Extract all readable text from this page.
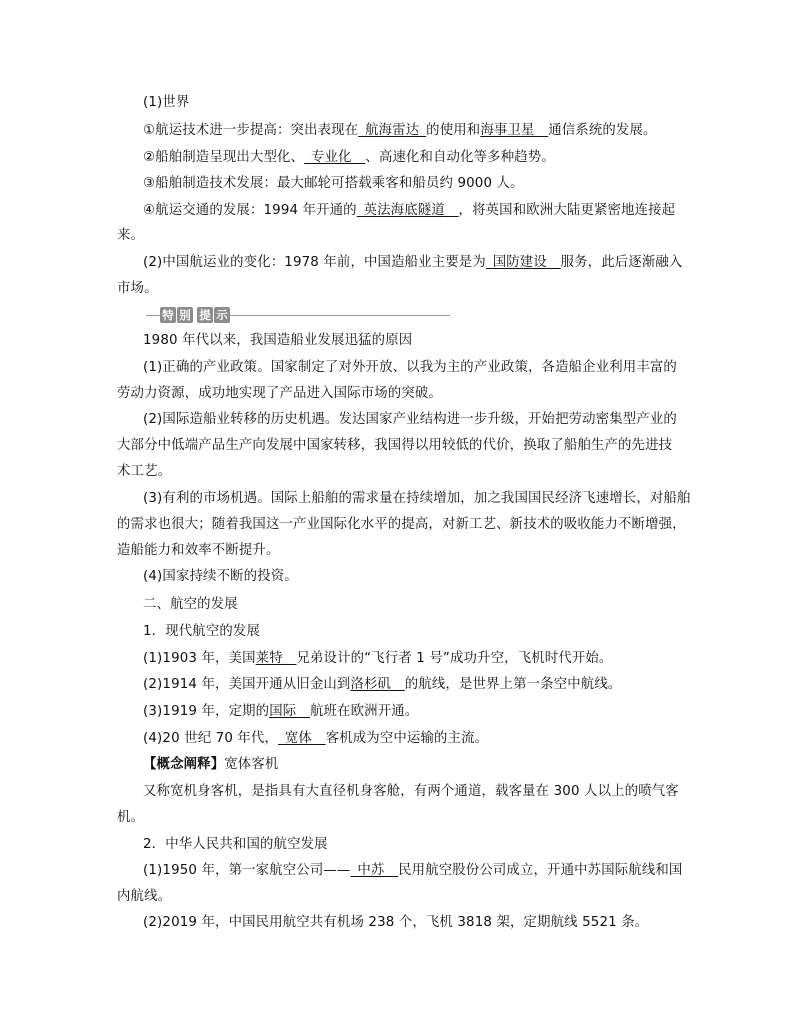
(1)世界
①航运技术进一步提高：突出表现在  航海雷达  的使用和海事卫星   通信系统的发展。
②船舶制造呈现出大型化、  专业化   、高速化和自动化等多种趋势。
③船舶制造技术发展：最大邮轮可搭载乘客和船员约 9000 人。
④航运交通的发展：1994 年开通的  英法海底隧道   ，将英国和欧洲大陆更紧密地连接起
来。
(2)中国航运业的变化：1978 年前，中国造船业主要是为  国防建设   服务，此后逐渐融入
市场。
特 别 提 示
1980 年代以来，我国造船业发展迅猛的原因
(1)正确的产业政策。国家制定了对外开放、以我为主的产业政策，各造船企业利用丰富的
劳动力资源，成功地实现了产品进入国际市场的突破。
(2)国际造船业转移的历史机遇。发达国家产业结构进一步升级，开始把劳动密集型产业的
大部分中低端产品生产向发展中国家转移，我国得以用较低的代价，换取了船舶生产的先进技
术工艺。
(3)有利的市场机遇。国际上船舶的需求量在持续增加，加之我国国民经济飞速增长，对船舶
的需求也很大；随着我国这一产业国际化水平的提高，对新工艺、新技术的吸收能力不断增强，
造船能力和效率不断提升。
(4)国家持续不断的投资。
二、航空的发展
1．现代航空的发展
(1)1903 年，美国莱特   兄弟设计的“飞行者 1 号”成功升空，飞机时代开始。
(2)1914 年，美国开通从旧金山到洛杉矶   的航线，是世界上第一条空中航线。
(3)1919 年，定期的国际   航班在欧洲开通。
(4)20 世纪 70 年代，  宽体   客机成为空中运输的主流。
【概念阐释】宽体客机
又称宽机身客机，是指具有大直径机身客舱，有两个通道，载客量在 300 人以上的喷气客
机。
2．中华人民共和国的航空发展
(1)1950 年，第一家航空公司——  中苏   民用航空股份公司成立，开通中苏国际航线和国
内航线。
(2)2019 年，中国民用航空共有机场 238 个，飞机 3818 架，定期航线 5521 条。
